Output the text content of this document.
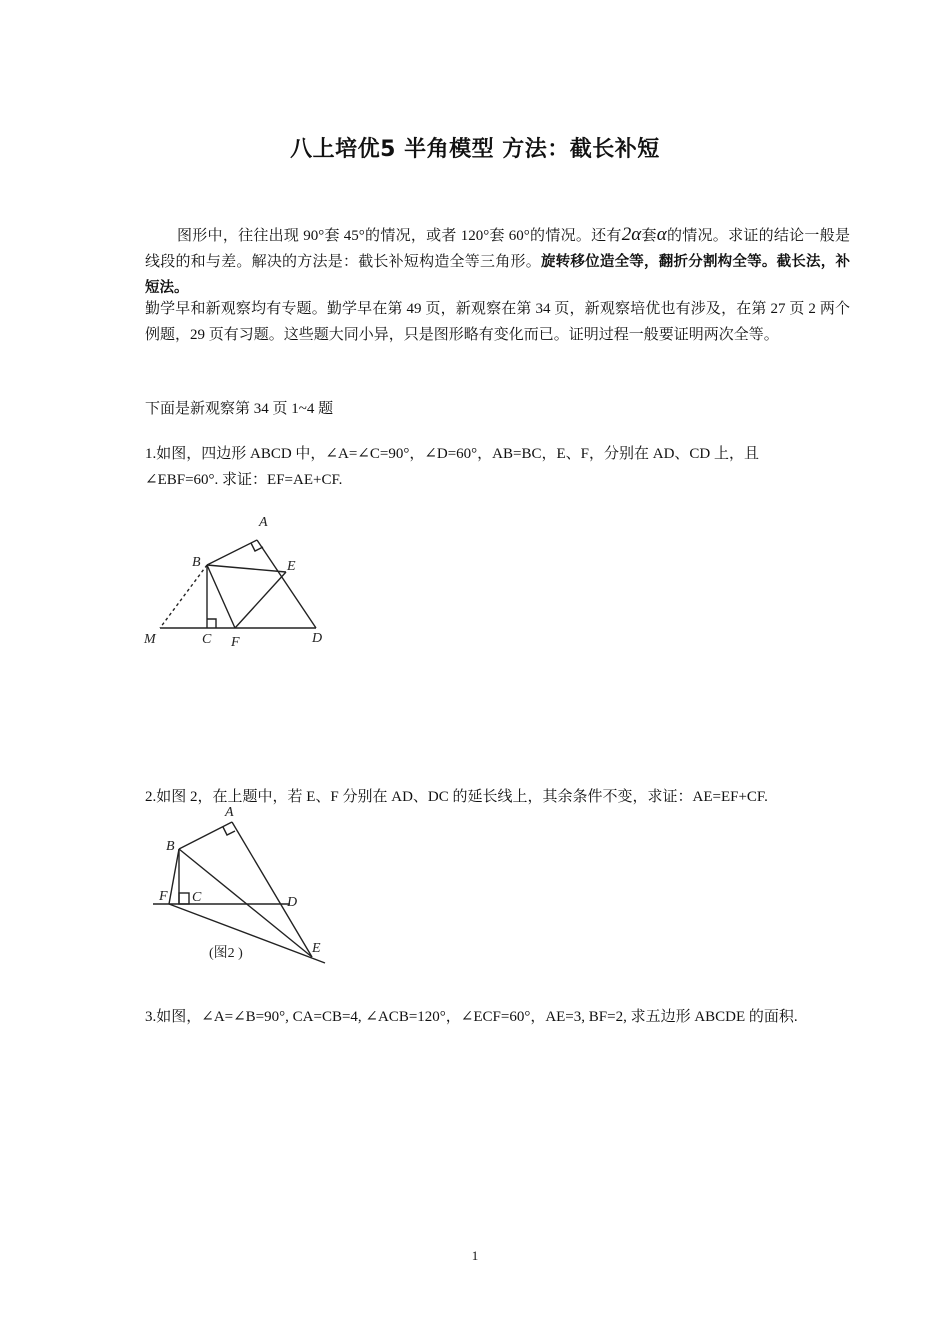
八上培优5 半角模型 方法：截长补短
图形中，往往出现 90°套 45°的情况，或者 120°套 60°的情况。还有2α套α的情况。求证的结论一般是线段的和与差。解决的方法是：截长补短构造全等三角形。旋转移位造全等，翻折分割构全等。截长法，补短法。
勤学早和新观察均有专题。勤学早在第 49 页，新观察在第 34 页，新观察培优也有涉及，在第 27 页 2 两个例题，29 页有习题。这些题大同小异，只是图形略有变化而已。证明过程一般要证明两次全等。
下面是新观察第 34 页 1~4 题
1.如图，四边形 ABCD 中，∠A=∠C=90°，∠D=60°，AB=BC，E、F，分别在 AD、CD 上，且
∠EBF=60°. 求证：EF=AE+CF.
A
B	E
M	C F	D
2.如图 2，在上题中，若 E、F 分别在 AD、DC 的延长线上，其余条件不变，求证：AE=EF+CF.
A
B
F C	D
E
(图2 )
3.如图，∠A=∠B=90°, CA=CB=4, ∠ACB=120°，∠ECF=60°，AE=3, BF=2, 求五边形 ABCDE 的面积.
1
